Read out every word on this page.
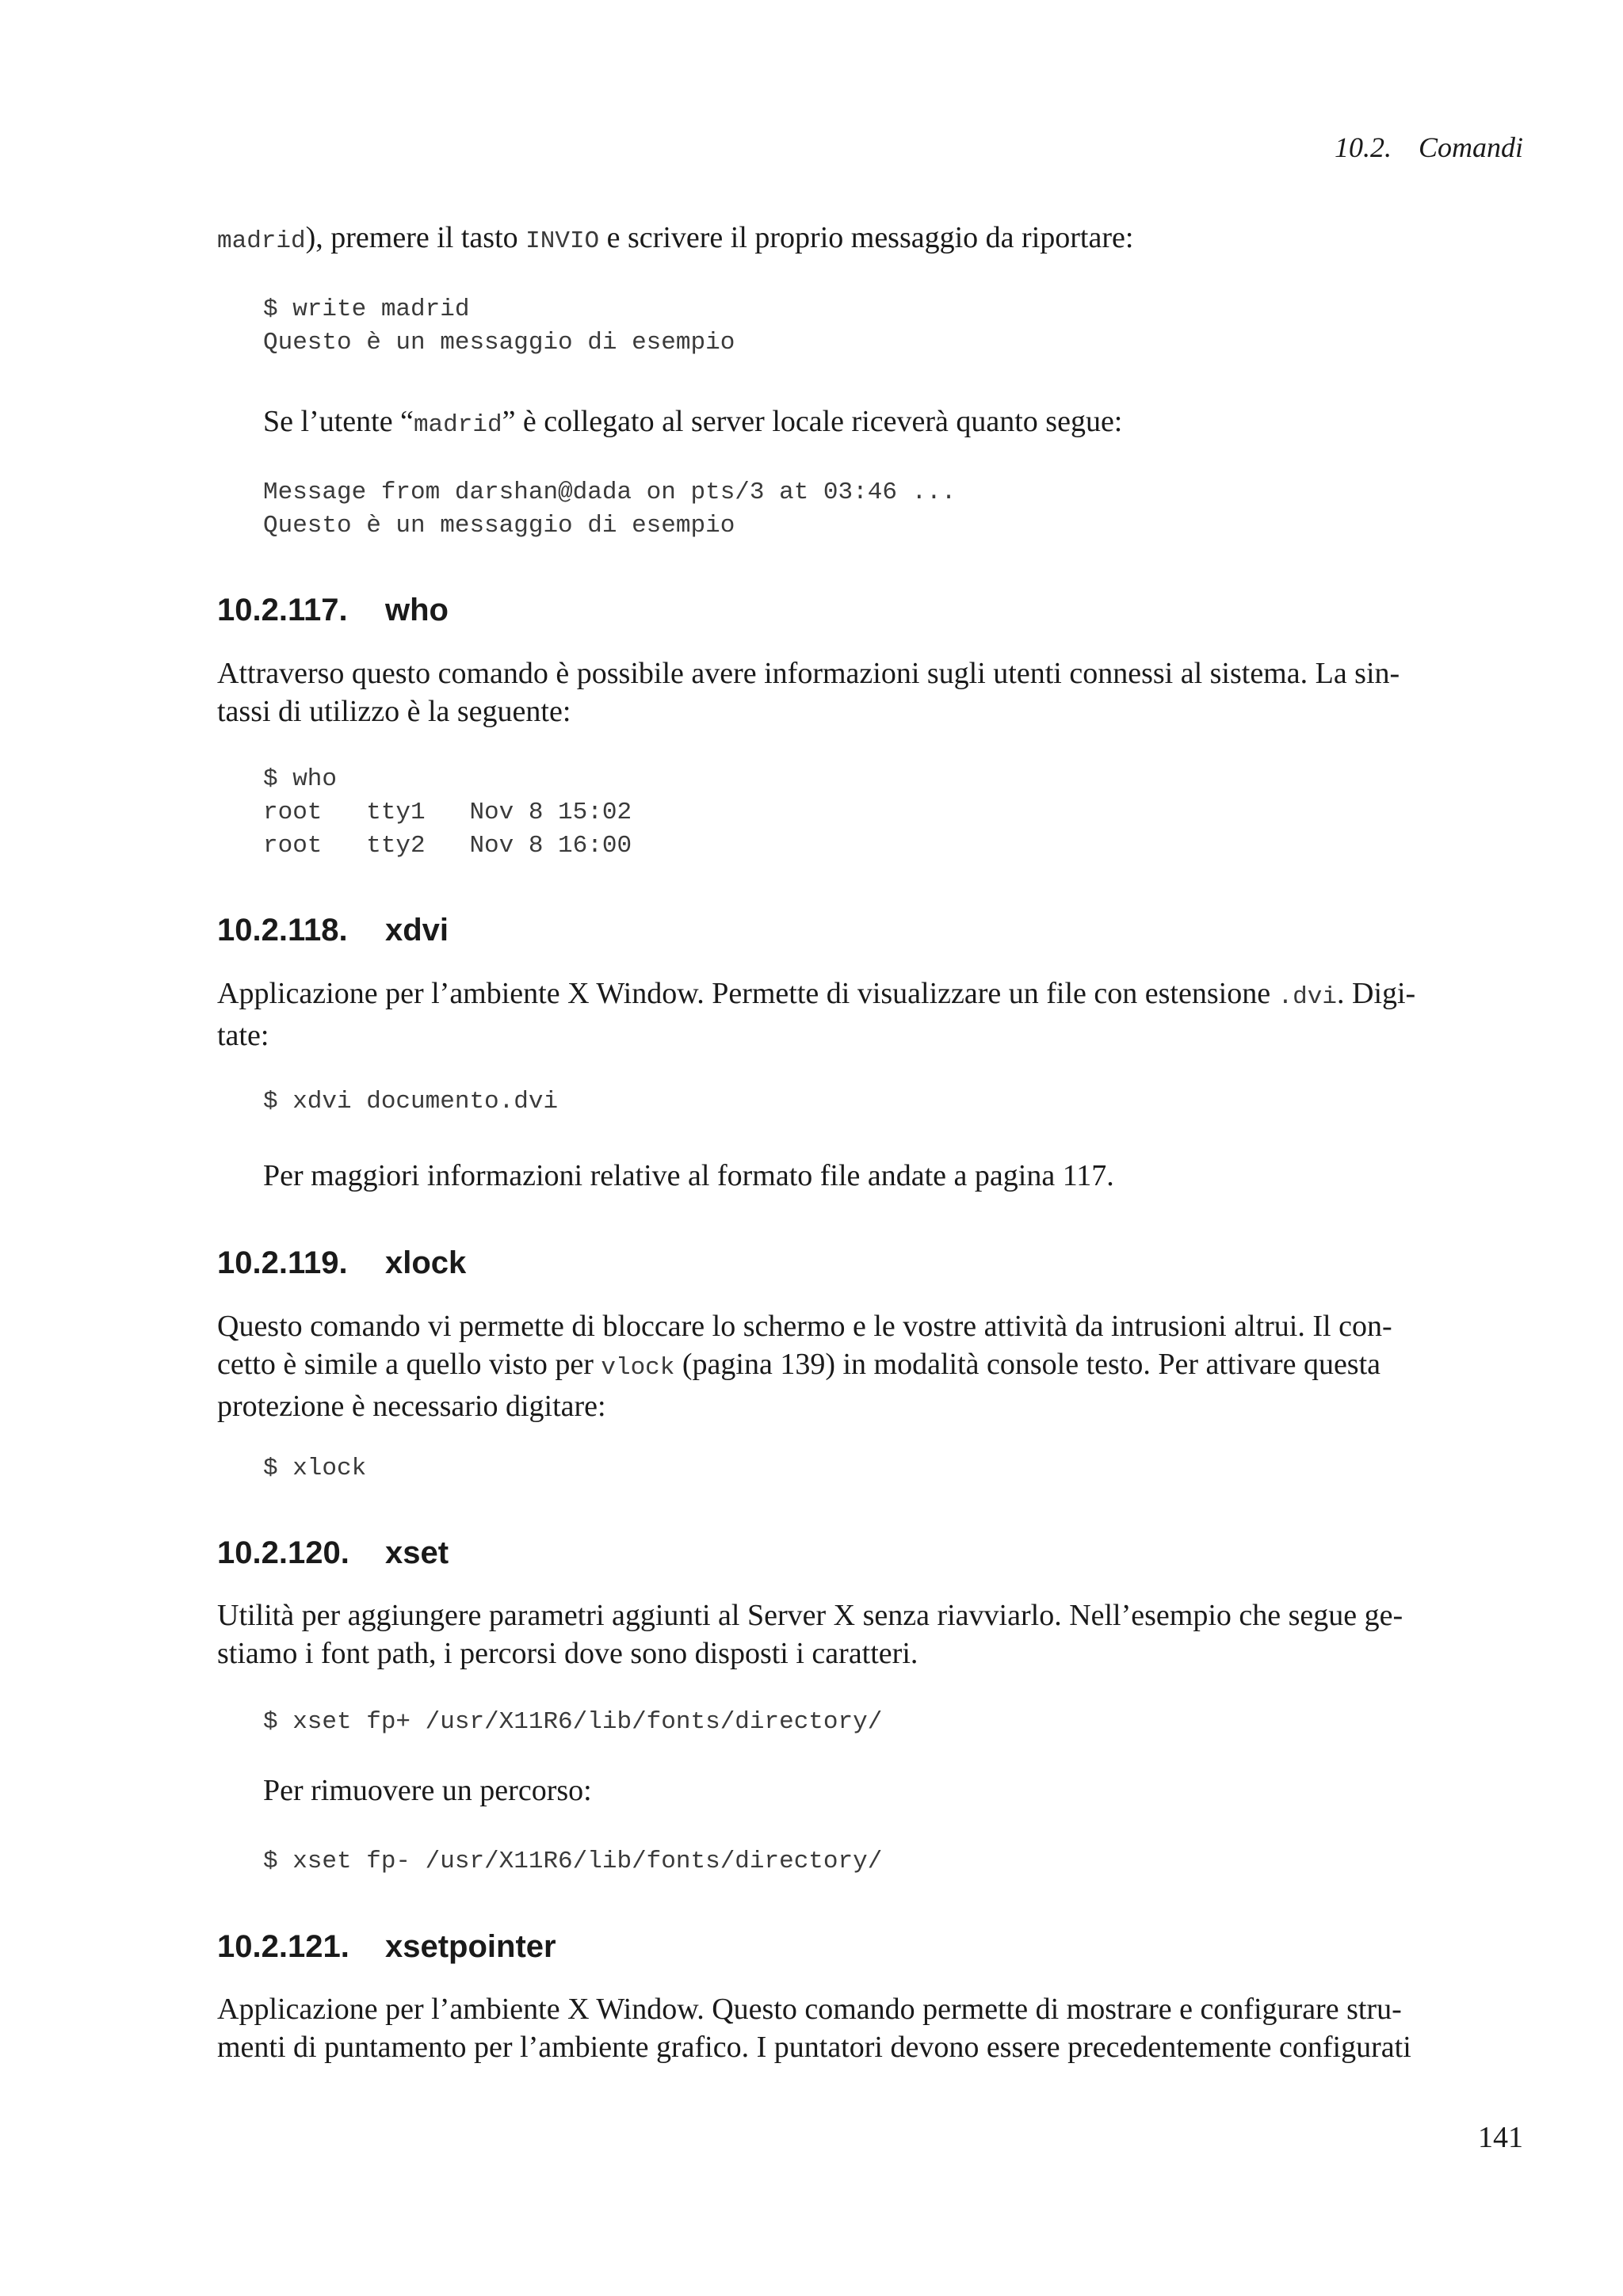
10.2. Comandi

madrid), premere il tasto INVIO e scrivere il proprio messaggio da riportare:

$ write madrid
Questo è un messaggio di esempio

Se l’utente “madrid” è collegato al server locale riceverà quanto segue:

Message from darshan@dada on pts/3 at 03:46 ...
Questo è un messaggio di esempio
10.2.117. who

Attraverso questo comando è possibile avere informazioni sugli utenti connessi al sistema. La sin-
tassi di utilizzo è la seguente:

$ who
root   tty1   Nov 8 15:02
root   tty2   Nov 8 16:00
10.2.118. xdvi

Applicazione per l’ambiente X Window. Permette di visualizzare un file con estensione .dvi. Digi-
tate:

$ xdvi documento.dvi

Per maggiori informazioni relative al formato file andate a pagina 117.

10.2.119. xlock

Questo comando vi permette di bloccare lo schermo e le vostre attività da intrusioni altrui. Il con-
cetto è simile a quello visto per vlock (pagina 139) in modalità console testo. Per attivare questa
protezione è necessario digitare:

$ xlock
10.2.120. xset

Utilità per aggiungere parametri aggiunti al Server X senza riavviarlo. Nell’esempio che segue ge-
stiamo i font path, i percorsi dove sono disposti i caratteri.

$ xset fp+ /usr/X11R6/lib/fonts/directory/

Per rimuovere un percorso:

$ xset fp- /usr/X11R6/lib/fonts/directory/
10.2.121. xsetpointer

Applicazione per l’ambiente X Window. Questo comando permette di mostrare e configurare stru-
menti di puntamento per l’ambiente grafico. I puntatori devono essere precedentemente configurati

141
